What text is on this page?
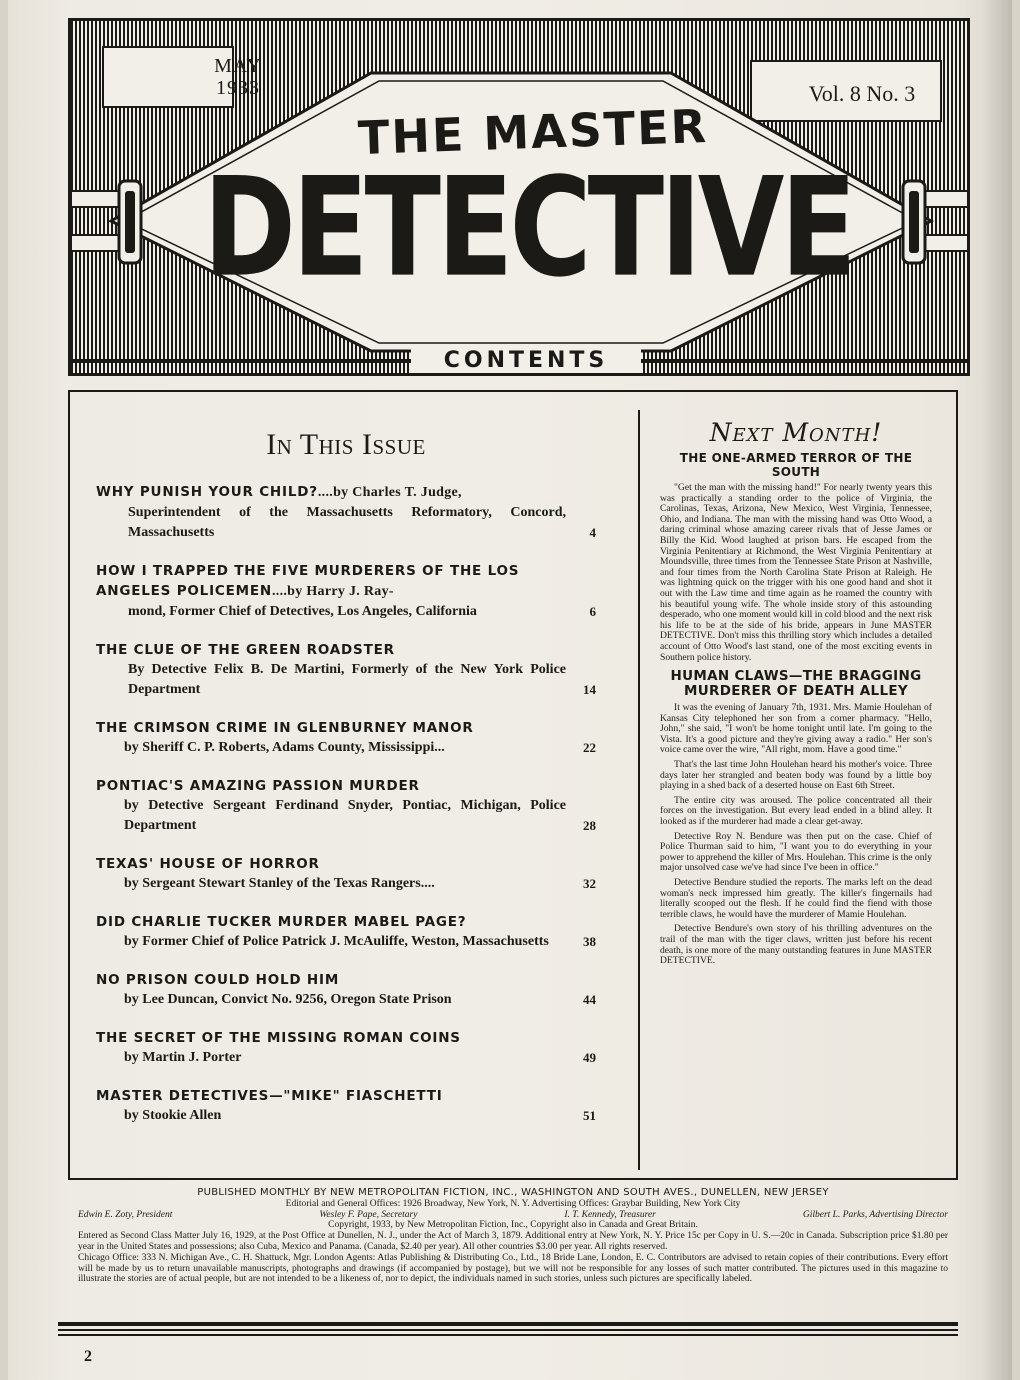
MAY
1933	Vol. 8 No. 3
THE MASTER
DETECTIVE
CONTENTS
In This Issue
WHY PUNISH YOUR CHILD?....by Charles T. Judge,
Superintendent of the Massachusetts Reformatory, Concord, Massachusetts	4
HOW I TRAPPED THE FIVE MURDERERS OF THE LOS ANGELES POLICEMEN....by Harry J. Ray-
mond, Former Chief of Detectives, Los Angeles, California	6
THE CLUE OF THE GREEN ROADSTER
By Detective Felix B. De Martini, Formerly of the New York Police Department	14
THE CRIMSON CRIME IN GLENBURNEY MANOR
by Sheriff C. P. Roberts, Adams County, Mississippi...	22
PONTIAC'S AMAZING PASSION MURDER
by Detective Sergeant Ferdinand Snyder, Pontiac, Michigan, Police Department	28
TEXAS' HOUSE OF HORROR
by Sergeant Stewart Stanley of the Texas Rangers....	32
DID CHARLIE TUCKER MURDER MABEL PAGE?
by Former Chief of Police Patrick J. McAuliffe, Weston, Massachusetts	38
NO PRISON COULD HOLD HIM
by Lee Duncan, Convict No. 9256, Oregon State Prison	44
THE SECRET OF THE MISSING ROMAN COINS
by Martin J. Porter	49
MASTER DETECTIVES—"MIKE" FIASCHETTI
by Stookie Allen	51
Next Month!
THE ONE-ARMED TERROR OF THE SOUTH
"Get the man with the missing hand!" For nearly twenty years this was practically a standing order to the police of Virginia, the Carolinas, Texas, Arizona, New Mexico, West Virginia, Tennessee, Ohio, and Indiana. The man with the missing hand was Otto Wood, a daring criminal whose amazing career rivals that of Jesse James or Billy the Kid. Wood laughed at prison bars. He escaped from the Virginia Penitentiary at Richmond, the West Virginia Penitentiary at Moundsville, three times from the Tennessee State Prison at Nashville, and four times from the North Carolina State Prison at Raleigh. He was lightning quick on the trigger with his one good hand and shot it out with the Law time and time again as he roamed the country with his beautiful young wife. The whole inside story of this astounding desperado, who one moment would kill in cold blood and the next risk his life to be at the side of his bride, appears in June MASTER DETECTIVE. Don't miss this thrilling story which includes a detailed account of Otto Wood's last stand, one of the most exciting events in Southern police history.
HUMAN CLAWS—THE BRAGGING MURDERER OF DEATH ALLEY
It was the evening of January 7th, 1931. Mrs. Mamie Houlehan of Kansas City telephoned her son from a corner pharmacy. "Hello, John," she said, "I won't be home tonight until late. I'm going to the Vista. It's a good picture and they're giving away a radio." Her son's voice came over the wire, "All right, mom. Have a good time."
That's the last time John Houlehan heard his mother's voice. Three days later her strangled and beaten body was found by a little boy playing in a shed back of a deserted house on East 6th Street.
The entire city was aroused. The police concentrated all their forces on the investigation. But every lead ended in a blind alley. It looked as if the murderer had made a clear get-away.
Detective Roy N. Bendure was then put on the case. Chief of Police Thurman said to him, "I want you to do everything in your power to apprehend the killer of Mrs. Houlehan. This crime is the only major unsolved case we've had since I've been in office."
Detective Bendure studied the reports. The marks left on the dead woman's neck impressed him greatly. The killer's fingernails had literally scooped out the flesh. If he could find the fiend with those terrible claws, he would have the murderer of Mamie Houlehan.
Detective Bendure's own story of his thrilling adventures on the trail of the man with the tiger claws, written just before his recent death, is one more of the many outstanding features in June MASTER DETECTIVE.
PUBLISHED MONTHLY BY NEW METROPOLITAN FICTION, INC., WASHINGTON AND SOUTH AVES., DUNELLEN, NEW JERSEY
Editorial and General Offices: 1926 Broadway, New York, N. Y. Advertising Offices: Graybar Building, New York City
Edwin E. Zoty, President	Wesley F. Pape, Secretary	I. T. Kennedy, Treasurer	Gilbert L. Parks, Advertising Director
Copyright, 1933, by New Metropolitan Fiction, Inc., Copyright also in Canada and Great Britain.
Entered as Second Class Matter July 16, 1929, at the Post Office at Dunellen, N. J., under the Act of March 3, 1879. Additional entry at New York, N. Y. Price 15c per Copy in U. S.—20c in Canada. Subscription price $1.80 per year in the United States and possessions; also Cuba, Mexico and Panama. (Canada, $2.40 per year). All other countries $3.00 per year. All rights reserved.
Chicago Office: 333 N. Michigan Ave., C. H. Shattuck, Mgr. London Agents: Atlas Publishing & Distributing Co., Ltd., 18 Bride Lane, London, E. C. Contributors are advised to retain copies of their contributions. Every effort will be made by us to return unavailable manuscripts, photographs and drawings (if accompanied by postage), but we will not be responsible for any losses of such matter contributed. The pictures used in this magazine to illustrate the stories are of actual people, but are not intended to be a likeness of, nor to depict, the individuals named in such stories, unless such pictures are specifically labeled.
2
